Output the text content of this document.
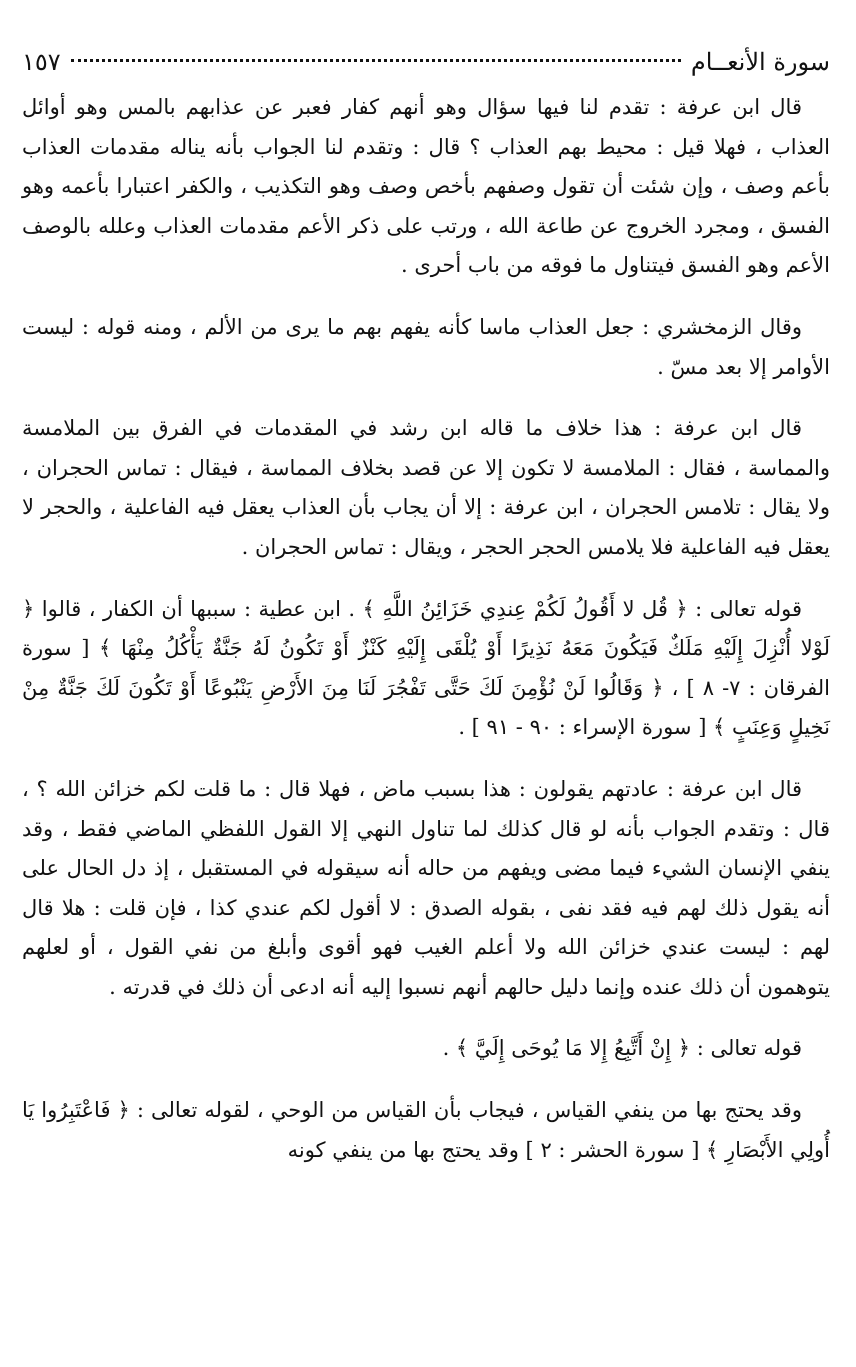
سورة الأنعــام
١٥٧

قال ابن عرفة : تقدم لنا فيها سؤال وهو أنهم كفار فعبر عن عذابهم بالمس وهو أوائل العذاب ، فهلا قيل : محيط بهم العذاب ؟ قال : وتقدم لنا الجواب بأنه يناله مقدمات العذاب بأعم وصف ، وإن شئت أن تقول وصفهم بأخص وصف وهو التكذيب ، والكفر اعتبارا بأعمه وهو الفسق ، ومجرد الخروج عن طاعة الله ، ورتب على ذكر الأعم مقدمات العذاب وعلله بالوصف الأعم وهو الفسق فيتناول ما فوقه من باب أحرى .

وقال الزمخشري : جعل العذاب ماسا كأنه يفهم بهم ما يرى من الألم ، ومنه قوله : ليست الأوامر إلا بعد مسّ .

قال ابن عرفة : هذا خلاف ما قاله ابن رشد في المقدمات في الفرق بين الملامسة والمماسة ، فقال : الملامسة لا تكون إلا عن قصد بخلاف المماسة ، فيقال : تماس الحجران ، ولا يقال : تلامس الحجران ، ابن عرفة : إلا أن يجاب بأن العذاب يعقل فيه الفاعلية ، والحجر لا يعقل فيه الفاعلية فلا يلامس الحجر الحجر ، ويقال : تماس الحجران .

قوله تعالى : ﴿ قُل لا أَقُولُ لَكُمْ عِندِي خَزَائِنُ اللَّهِ ﴾ . ابن عطية : سببها أن الكفار ، قالوا ﴿ لَوْلا أُنْزِلَ إِلَيْهِ مَلَكٌ فَيَكُونَ مَعَهُ نَذِيرًا أَوْ يُلْقَى إِلَيْهِ كَنْزٌ أَوْ تَكُونُ لَهُ جَنَّةٌ يَأْكُلُ مِنْهَا ﴾ [ سورة الفرقان : ٧- ٨ ] ، ﴿ وَقَالُوا لَنْ نُؤْمِنَ لَكَ حَتَّى تَفْجُرَ لَنَا مِنَ الأَرْضِ يَنْبُوعًا أَوْ تَكُونَ لَكَ جَنَّةٌ مِنْ نَخِيلٍ وَعِنَبٍ ﴾ [ سورة الإسراء : ٩٠ - ٩١ ] .

قال ابن عرفة : عادتهم يقولون : هذا بسبب ماض ، فهلا قال : ما قلت لكم خزائن الله ؟ ، قال : وتقدم الجواب بأنه لو قال كذلك لما تناول النهي إلا القول اللفظي الماضي فقط ، وقد ينفي الإنسان الشيء فيما مضى ويفهم من حاله أنه سيقوله في المستقبل ، إذ دل الحال على أنه يقول ذلك لهم فيه فقد نفى ، بقوله الصدق : لا أقول لكم عندي كذا ، فإن قلت : هلا قال لهم : ليست عندي خزائن الله ولا أعلم الغيب فهو أقوى وأبلغ من نفي القول ، أو لعلهم يتوهمون أن ذلك عنده وإنما دليل حالهم أنهم نسبوا إليه أنه ادعى أن ذلك في قدرته .

قوله تعالى : ﴿ إِنْ أَتَّبِعُ إِلا مَا يُوحَى إِلَيَّ ﴾ .

وقد يحتج بها من ينفي القياس ، فيجاب بأن القياس من الوحي ، لقوله تعالى : ﴿ فَاعْتَبِرُوا يَا أُولِي الأَبْصَارِ ﴾ [ سورة الحشر : ٢ ] وقد يحتج بها من ينفي كونه
